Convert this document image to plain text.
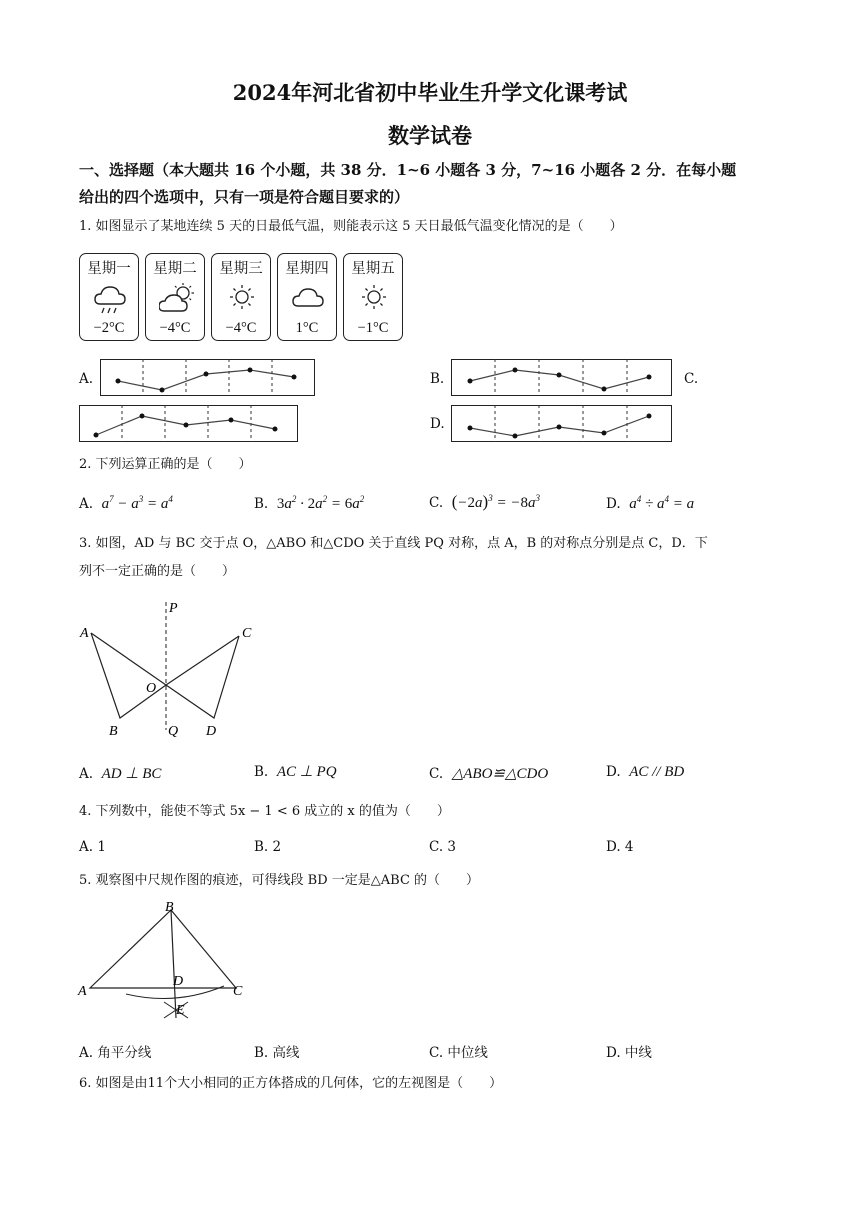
2024年河北省初中毕业生升学文化课考试
数学试卷
一、选择题（本大题共 16 个小题，共 38 分．1~6 小题各 3 分，7~16 小题各 2 分．在每小题
给出的四个选项中，只有一项是符合题目要求的）
1. 如图显示了某地连续 5 天的日最低气温，则能表示这 5 天日最低气温变化情况的是（　　）
星期一
−2°C
星期二
−4°C
星期三
−4°C
星期四
1°C
星期五
−1°C
A.	B.	C.
D.
2. 下列运算正确的是（　　）
A. $a^7 - a^3 = a^4$	B. $3a^2 \cdot 2a^2 = 6a^2$	C. $(-2a)^3 = -8a^3$	D. $a^4 \div a^4 = a$
3. 如图，AD 与 BC 交于点 O，△ABO 和△CDO 关于直线 PQ 对称，点 A，B 的对称点分别是点 C，D．下
列不一定正确的是（　　）
P
A	C
O
B	Q D
A. AD ⊥ BC	B. AC ⊥ PQ	C. △ABO≌△CDO	D. AC // BD
4. 下列数中，能使不等式 5x − 1 < 6 成立的 x 的值为（　　）
A. 1	B. 2	C. 3	D. 4
5. 观察图中尺规作图的痕迹，可得线段 BD 一定是△ABC 的（　　）
B
A	C
D
E
A. 角平分线	B. 高线	C. 中位线	D. 中线
6. 如图是由11个大小相同的正方体搭成的几何体，它的左视图是（　　）
